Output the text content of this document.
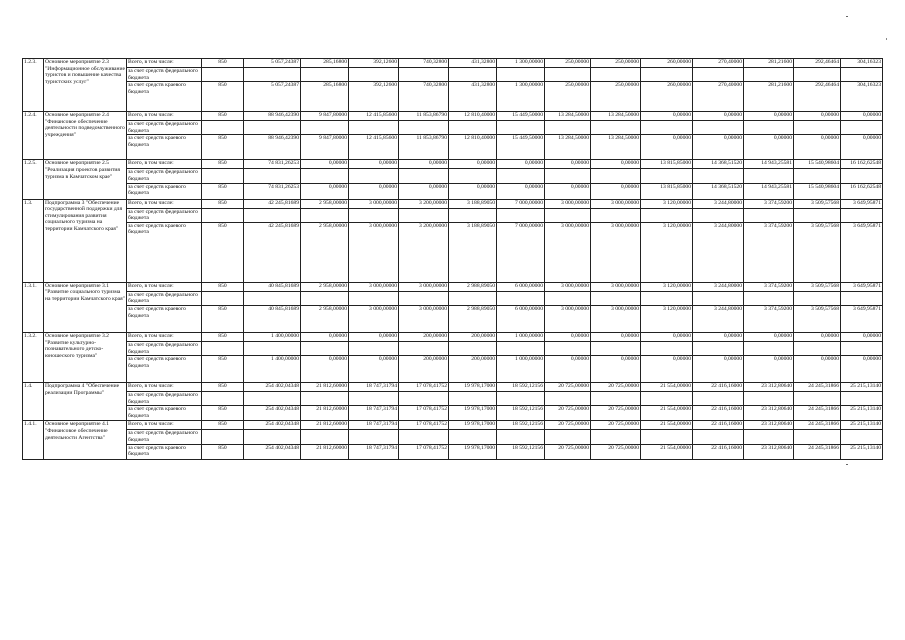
1.2.3.	Основное мероприятие 2.3 "Информационное обслуживание туристов и повышение качества туристских услуг"	Всего, в том числе:	850	5 057,24387	285,16800	392,12600	740,32800	431,32800	1 300,00000	250,00000	250,00000	260,00000	270,40000	281,21600	292,46464	304,16323
		за счет средств федерального бюджета														
		за счет средств краевого бюджета	850	5 057,24387	285,16800	392,12600	740,32800	431,32800	1 300,00000	250,00000	250,00000	260,00000	270,40000	281,21600	292,46464	304,16323
1.2.4.	Основное мероприятие 2.4 "Финансовое обеспечение деятельности подведомственного учреждения"	Всего, в том числе:	850	88 946,42390	9 847,80000	12 415,85600	11 853,86790	12 810,40000	15 449,50000	13 284,50000	13 284,50000	0,00000	0,00000	0,00000	0,00000	0,00000
		за счет средств федерального бюджета														
		за счет средств краевого бюджета	850	88 946,42390	9 847,80000	12 415,85600	11 853,86790	12 810,40000	15 449,50000	13 284,50000	13 284,50000	0,00000	0,00000	0,00000	0,00000	0,00000
1.2.5.	Основное мероприятие 2.5 "Реализация проектов развития туризма в Камчатском крае"	Всего, в том числе:	850	74 831,26253	0,00000	0,00000	0,00000	0,00000	0,00000	0,00000	0,00000	13 815,85000	14 368,51520	14 943,25581	15 540,98604	16 162,62548
		за счет средств федерального бюджета														
		за счет средств краевого бюджета	850	74 831,26253	0,00000	0,00000	0,00000	0,00000	0,00000	0,00000	0,00000	13 815,85000	14 368,51520	14 943,25581	15 540,98604	16 162,62548
1.3.	Подпрограмма 3 "Обеспечение государственной поддержки для стимулирования развития социального туризма на территории Камчатского края"	Всего, в том числе:	850	42 245,81689	2 958,00000	3 000,00000	3 200,00000	3 188,89050	7 000,00000	3 000,00000	3 000,00000	3 120,00000	3 244,80000	3 374,59200	3 509,57568	3 649,95871
		за счет средств федерального бюджета														
		за счет средств краевого бюджета	850	42 245,81689	2 958,00000	3 000,00000	3 200,00000	3 188,89050	7 000,00000	3 000,00000	3 000,00000	3 120,00000	3 244,80000	3 374,59200	3 509,57568	3 649,95871
1.3.1.	Основное мероприятие 3.1 "Развитие социального туризма на территории Камчатского края"	Всего, в том числе:	850	40 845,81689	2 958,00000	3 000,00000	3 000,00000	2 988,89050	6 000,00000	3 000,00000	3 000,00000	3 120,00000	3 244,80000	3 374,59200	3 509,57568	3 649,95871
		за счет средств федерального бюджета														
		за счет средств краевого бюджета	850	40 845,81689	2 958,00000	3 000,00000	3 000,00000	2 988,89050	6 000,00000	3 000,00000	3 000,00000	3 120,00000	3 244,80000	3 374,59200	3 509,57568	3 649,95871
1.3.2.	Основное мероприятие 3.2 "Развитие культурно-познавательного детско-юношеского туризма"	Всего, в том числе:	850	1 400,00000	0,00000	0,00000	200,00000	200,00000	1 000,00000	0,00000	0,00000	0,00000	0,00000	0,00000	0,00000	0,00000
		за счет средств федерального бюджета														
		за счет средств краевого бюджета	850	1 400,00000	0,00000	0,00000	200,00000	200,00000	1 000,00000	0,00000	0,00000	0,00000	0,00000	0,00000	0,00000	0,00000
1.4.	Подпрограмма 4 "Обеспечение реализации Программы"	Всего, в том числе:	850	254 402,04348	21 812,60000	18 747,31794	17 078,41752	19 978,17000	18 592,12156	20 725,00000	20 725,00000	21 554,00000	22 416,16000	23 312,80640	24 245,31866	25 215,13140
		за счет средств федерального бюджета														
		за счет средств краевого бюджета	850	254 402,04348	21 812,60000	18 747,31794	17 078,41752	19 978,17000	18 592,12156	20 725,00000	20 725,00000	21 554,00000	22 416,16000	23 312,80640	24 245,31866	25 215,13140
1.4.1.	Основное мероприятие 4.1 "Финансовое обеспечение деятельности Агентства"	Всего, в том числе:	850	254 402,04348	21 812,60000	18 747,31794	17 078,41752	19 978,17000	18 592,12156	20 725,00000	20 725,00000	21 554,00000	22 416,16000	23 312,80640	24 245,31866	25 215,13140
		за счет средств федерального бюджета														
		за счет средств краевого бюджета	850	254 402,04348	21 812,60000	18 747,31794	17 078,41752	19 978,17000	18 592,12156	20 725,00000	20 725,00000	21 554,00000	22 416,16000	23 312,80640	24 245,31866	25 215,13140
